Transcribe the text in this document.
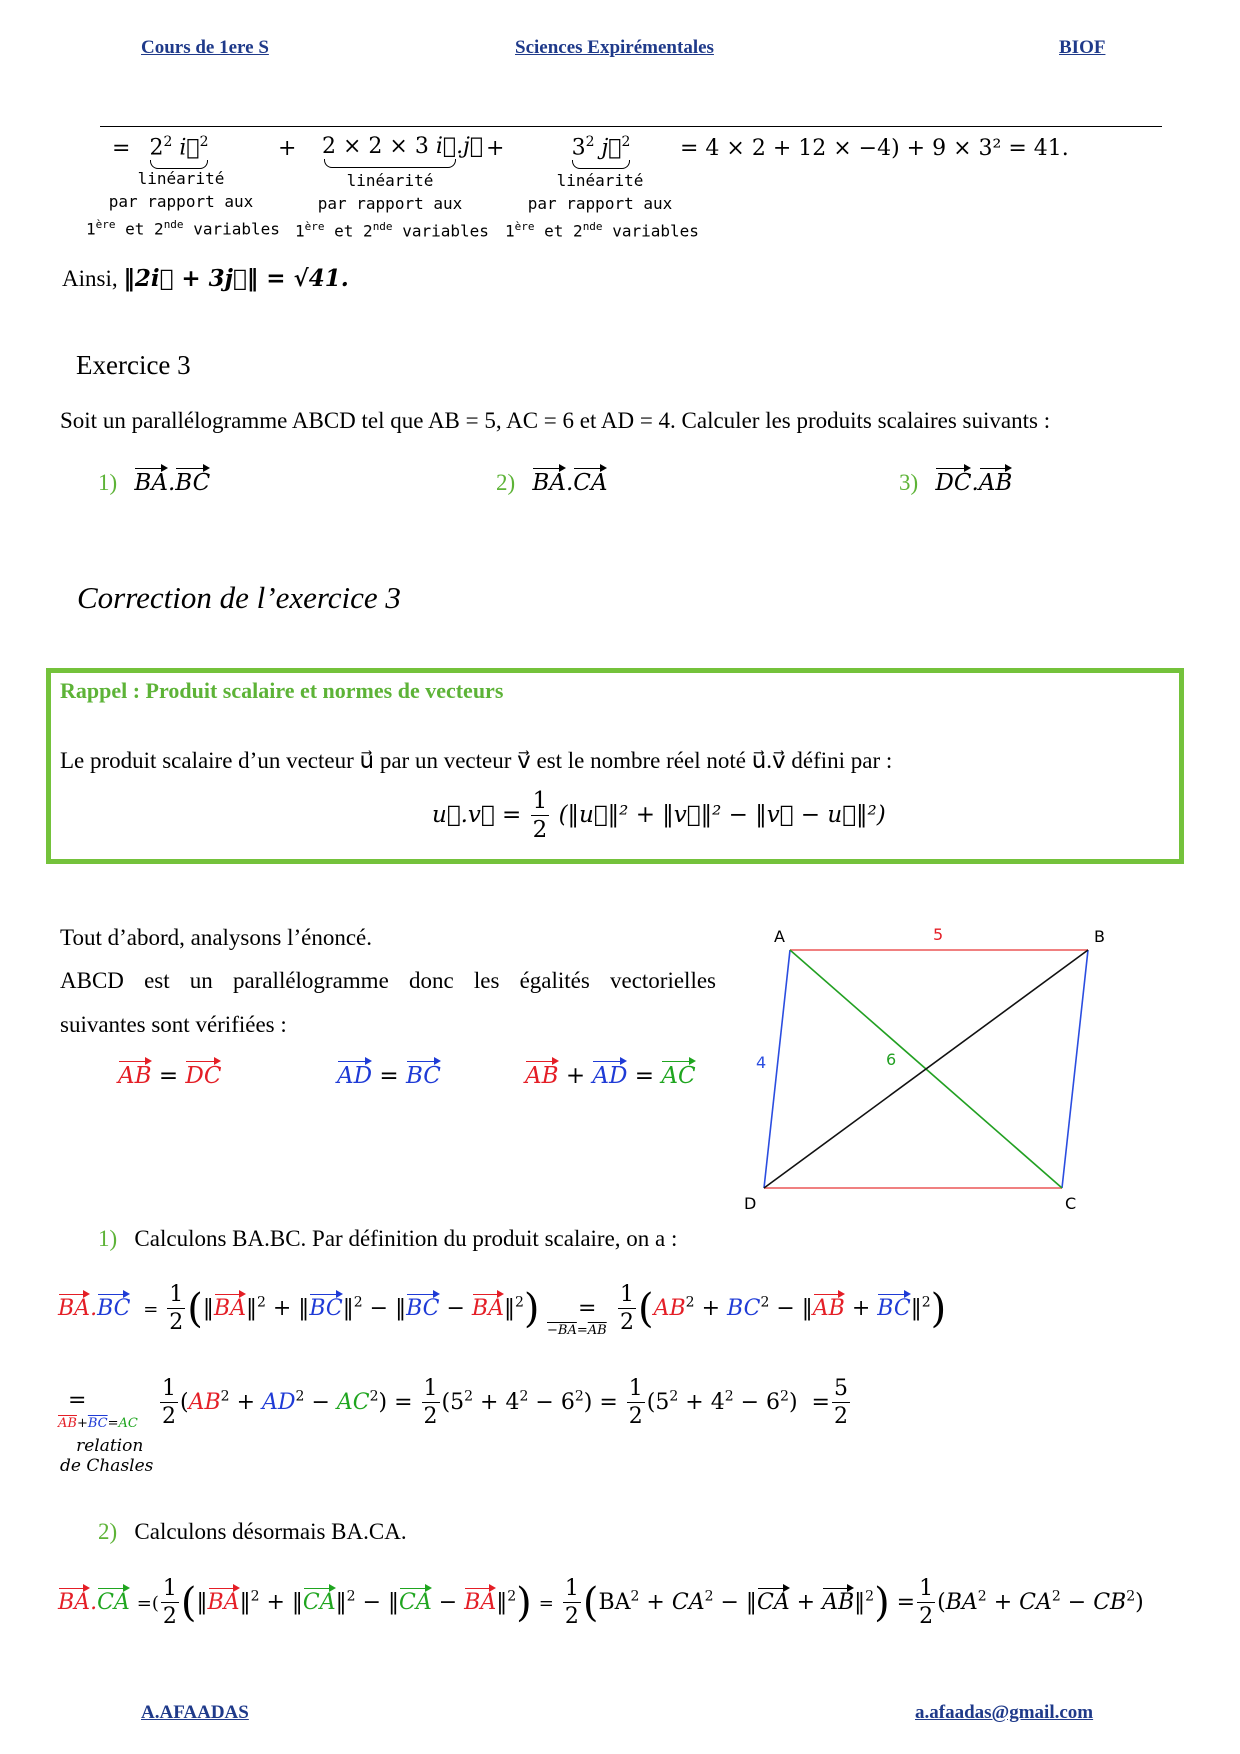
Cours de 1ere S	Sciences Expirémentales	BIOF
= $2^2$ i⃗$^2$
linéarité
par rapport aux
1ère et 2nde variables
+ 2 × 2 × 3 i⃗.j⃗
linéarité
par rapport aux
1ère et 2nde variables
+	$3^2$ j⃗$^2$
linéarité
par rapport aux
1ère et 2nde variables
= 4 × 2 + 12 × −4) + 9 × 3² = 41.
Ainsi, ‖2i⃗ + 3j⃗‖ = √41.
Exercice 3
Soit un parallélogramme ABCD tel que AB = 5, AC = 6 et AD = 4. Calculer les produits scalaires suivants :
1) BA.BC	2) BA.CA	3) DC.AB
Correction de l’exercice 3
Rappel : Produit scalaire et normes de vecteurs
Le produit scalaire d’un vecteur u⃗ par un vecteur v⃗ est le nombre réel noté u⃗.v⃗ défini par :
u⃗.v⃗ = $\frac{1}{2}$ (‖u⃗‖² + ‖v⃗‖² − ‖v⃗ − u⃗‖²)
Tout d’abord, analysons l’énoncé.
ABCD est un parallélogramme donc les égalités vectorielles
suivantes sont vérifiées :
AB = DC	AD = BC	AB + AD = AC
A	B
C
D
5
4	6
1) Calculons BA.BC. Par définition du produit scalaire, on a :
$BA.BC = \frac{1}{2}$ (‖BA‖$^2$ + ‖BC‖$^2$ − ‖BC − BA‖$^2$) =
$-BA=\overline{AB} \frac{1}{2} (AB^2 + BC^2$ − ‖AB + BC‖$^2$)
=
$\overline{AB}+\overline{BC}=AC$
relation
de Chasles
$\frac{1}{2} (AB^2 + AD^2 - AC^2) = \frac{1}{2} (5^2 + 4^2 - 6^2) = \frac{1}{2} (5^2 + 4^2 - 6^2) = \frac{5}{2}$
2) Calculons désormais BA.CA.
BA.CA =( $\frac{1}{2}$ (‖BA‖$^2$ + ‖CA‖$^2$ − ‖CA − BA‖$^2$) = $\frac{1}{2} (BA^2 + CA^2$ − ‖CA + AB‖$^2$) = $\frac{1}{2} (BA^2 + CA^2 - CB^2)$
A.AFAADAS	a.afaadas@gmail.com
